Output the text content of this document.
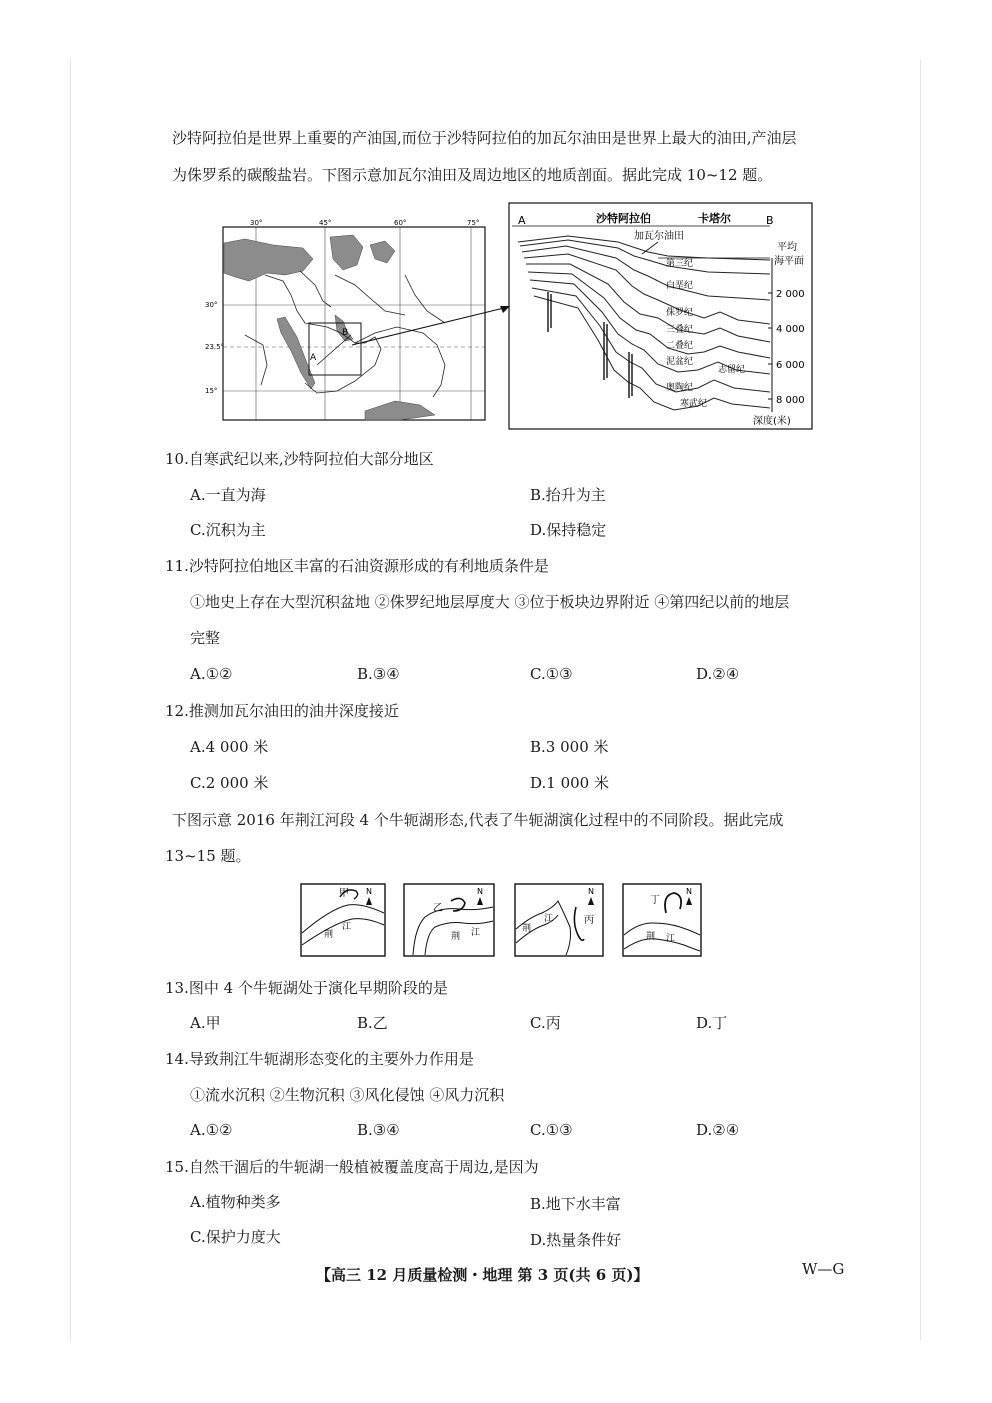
沙特阿拉伯是世界上重要的产油国,而位于沙特阿拉伯的加瓦尔油田是世界上最大的油田,产油层
为侏罗系的碳酸盐岩。下图示意加瓦尔油田及周边地区的地质剖面。据此完成 10~12 题。
A
B
30°	45°	60°	75°
30°
23.5°
15°
A	B
沙特阿拉伯	卡塔尔
加瓦尔油田
第三纪
白垩纪
侏罗纪
三叠纪
二叠纪
泥盆纪
志留纪
奥陶纪
寒武纪
平均
海平面
2 000
4 000
6 000
8 000
深度(米)
10.自寒武纪以来,沙特阿拉伯大部分地区
A.一直为海	B.抬升为主
C.沉积为主	D.保持稳定
11.沙特阿拉伯地区丰富的石油资源形成的有利地质条件是
①地史上存在大型沉积盆地 ②侏罗纪地层厚度大 ③位于板块边界附近 ④第四纪以前的地层
完整
A.①②	B.③④	C.①③	D.②④
12.推测加瓦尔油田的油井深度接近
A.4 000 米	B.3 000 米
C.2 000 米	D.1 000 米
下图示意 2016 年荆江河段 4 个牛轭湖形态,代表了牛轭湖演化过程中的不同阶段。据此完成
13~15 题。
甲 N
荆
江
乙
N
荆 江
丙
N
荆
江
丁
N
荆 江
13.图中 4 个牛轭湖处于演化早期阶段的是
A.甲	B.乙	C.丙	D.丁
14.导致荆江牛轭湖形态变化的主要外力作用是
①流水沉积 ②生物沉积 ③风化侵蚀 ④风力沉积
A.①②	B.③④	C.①③	D.②④
15.自然干涸后的牛轭湖一般植被覆盖度高于周边,是因为
A.植物种类多	B.地下水丰富
C.保护力度大	D.热量条件好
【高三 12 月质量检测・地理 第 3 页(共 6 页)】	W—G
